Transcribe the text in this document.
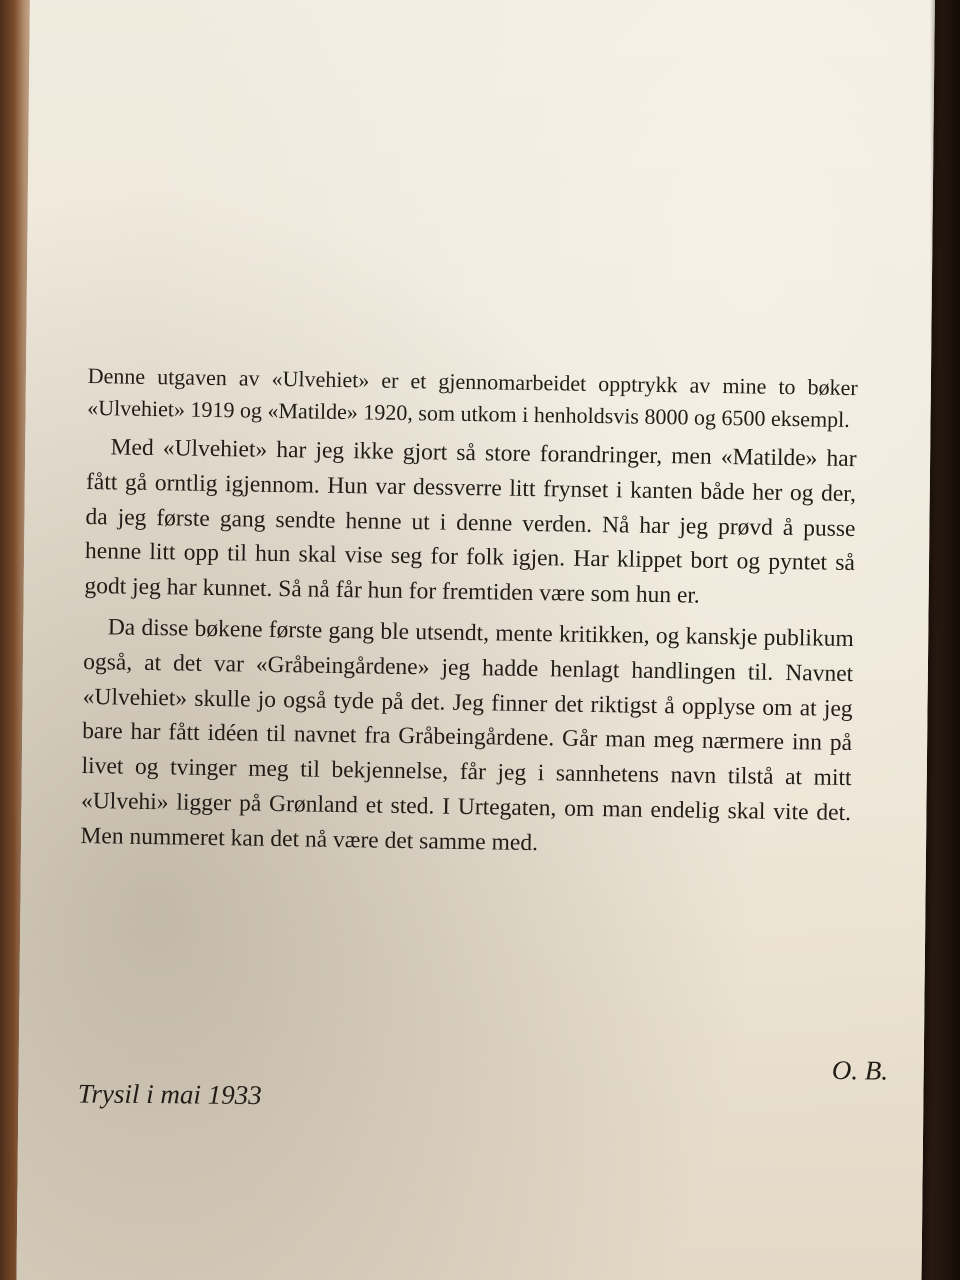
Denne utgaven av «Ulvehiet» er et gjennomarbeidet opptrykk av mine to bøker «Ulvehiet» 1919 og «Matilde» 1920, som utkom i henholdsvis 8000 og 6500 eksempl.

Med «Ulvehiet» har jeg ikke gjort så store forandringer, men «Matilde» har fått gå orntlig igjennom. Hun var dessverre litt frynset i kanten både her og der, da jeg første gang sendte henne ut i denne verden. Nå har jeg prøvd å pusse henne litt opp til hun skal vise seg for folk igjen. Har klippet bort og pyntet så godt jeg har kunnet. Så nå får hun for fremtiden være som hun er.

Da disse bøkene første gang ble utsendt, mente kritikken, og kanskje publikum også, at det var «Gråbeingårdene» jeg hadde henlagt handlingen til. Navnet «Ulvehiet» skulle jo også tyde på det. Jeg finner det riktigst å opplyse om at jeg bare har fått idéen til navnet fra Gråbeingårdene. Går man meg nærmere inn på livet og tvinger meg til bekjennelse, får jeg i sannhetens navn tilstå at mitt «Ulvehi» ligger på Grønland et sted. I Urtegaten, om man endelig skal vite det. Men nummeret kan det nå være det samme med.

Trysil i mai 1933
O. B.
